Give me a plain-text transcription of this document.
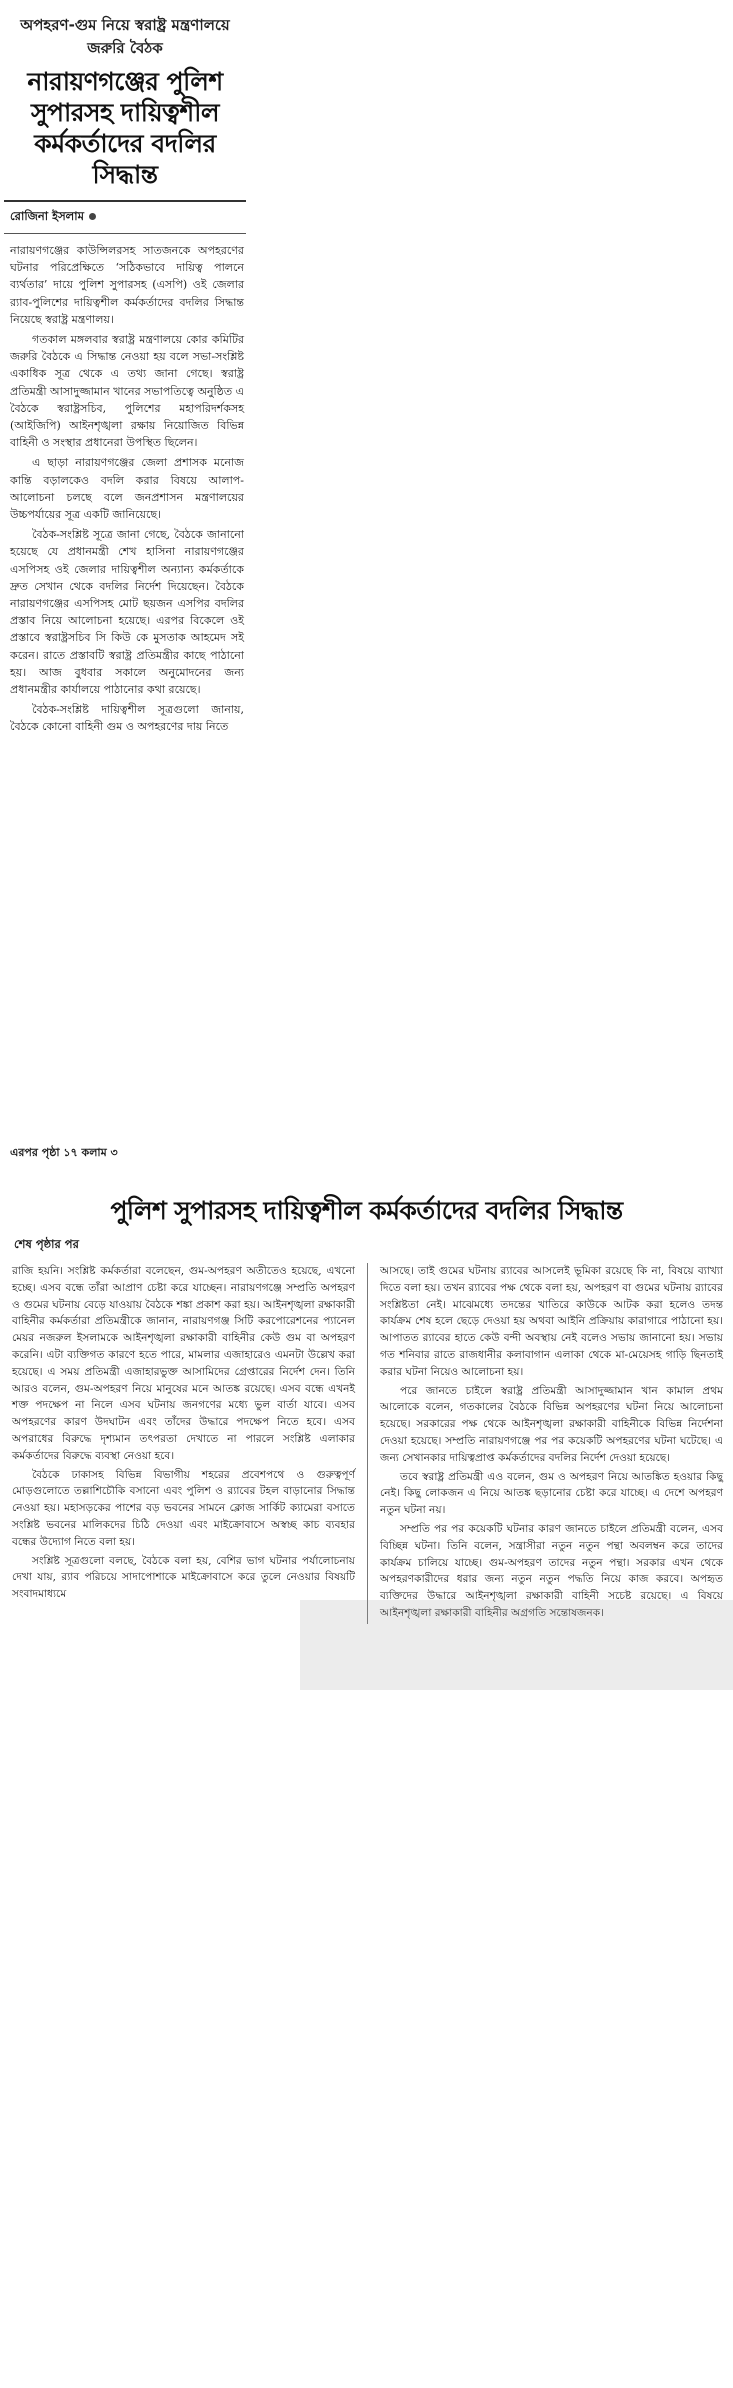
অপহরণ-গুম নিয়ে স্বরাষ্ট্র মন্ত্রণালয়ে জরুরি বৈঠক
নারায়ণগঞ্জের পুলিশ সুপারসহ দায়িত্বশীল কর্মকর্তাদের বদলির সিদ্ধান্ত
রোজিনা ইসলাম

নারায়ণগঞ্জের কাউন্সিলরসহ সাতজনকে অপহরণের ঘটনার পরিপ্রেক্ষিতে ‘সঠিকভাবে দায়িত্ব পালনে ব্যর্থতার’ দায়ে পুলিশ সুপারসহ (এসপি) ওই জেলার র‍্যাব-পুলিশের দায়িত্বশীল কর্মকর্তাদের বদলির সিদ্ধান্ত নিয়েছে স্বরাষ্ট্র মন্ত্রণালয়।

গতকাল মঙ্গলবার স্বরাষ্ট্র মন্ত্রণালয়ে কোর কমিটির জরুরি বৈঠকে এ সিদ্ধান্ত নেওয়া হয় বলে সভা-সংশ্লিষ্ট একাধিক সূত্র থেকে এ তথ্য জানা গেছে। স্বরাষ্ট্র প্রতিমন্ত্রী আসাদুজ্জামান খানের সভাপতিত্বে অনুষ্ঠিত এ বৈঠকে স্বরাষ্ট্রসচিব, পুলিশের মহাপরিদর্শকসহ (আইজিপি) আইনশৃঙ্খলা রক্ষায় নিয়োজিত বিভিন্ন বাহিনী ও সংস্থার প্রধানেরা উপস্থিত ছিলেন।

এ ছাড়া নারায়ণগঞ্জের জেলা প্রশাসক মনোজ কান্তি বড়ালকেও বদলি করার বিষয়ে আলাপ-আলোচনা চলছে বলে জনপ্রশাসন মন্ত্রণালয়ের উচ্চপর্যায়ের সূত্র একটি জানিয়েছে।

বৈঠক-সংশ্লিষ্ট সূত্রে জানা গেছে, বৈঠকে জানানো হয়েছে যে প্রধানমন্ত্রী শেখ হাসিনা নারায়ণগঞ্জের এসপিসহ ওই জেলার দায়িত্বশীল অন্যান্য কর্মকর্তাকে দ্রুত সেখান থেকে বদলির নির্দেশ দিয়েছেন। বৈঠকে নারায়ণগঞ্জের এসপিসহ মোট ছয়জন এসপির বদলির প্রস্তাব নিয়ে আলোচনা হয়েছে। এরপর বিকেলে ওই প্রস্তাবে স্বরাষ্ট্রসচিব সি কিউ কে মুসতাক আহমেদ সই করেন। রাতে প্রস্তাবটি স্বরাষ্ট্র প্রতিমন্ত্রীর কাছে পাঠানো হয়। আজ বুধবার সকালে অনুমোদনের জন্য প্রধানমন্ত্রীর কার্যালয়ে পাঠানোর কথা রয়েছে।

বৈঠক-সংশ্লিষ্ট দায়িত্বশীল সূত্রগুলো জানায়, বৈঠকে কোনো বাহিনী গুম ও অপহরণের দায় নিতে

এরপর পৃষ্ঠা ১৭ কলাম ৩
পুলিশ সুপারসহ দায়িত্বশীল কর্মকর্তাদের বদলির সিদ্ধান্ত
শেষ পৃষ্ঠার পর

রাজি হয়নি। সংশ্লিষ্ট কর্মকর্তারা বলেছেন, গুম-অপহরণ অতীতেও হয়েছে, এখনো হচ্ছে। এসব বন্ধে তাঁরা আপ্রাণ চেষ্টা করে যাচ্ছেন। নারায়ণগঞ্জে সম্প্রতি অপহরণ ও গুমের ঘটনায় বেড়ে যাওয়ায় বৈঠকে শঙ্কা প্রকাশ করা হয়। আইনশৃঙ্খলা রক্ষাকারী বাহিনীর কর্মকর্তারা প্রতিমন্ত্রীকে জানান, নারায়ণগঞ্জ সিটি করপোরেশনের প্যানেল মেয়র নজরুল ইসলামকে আইনশৃঙ্খলা রক্ষাকারী বাহিনীর কেউ গুম বা অপহরণ করেনি। এটা ব্যক্তিগত কারণে হতে পারে, মামলার এজাহারেও এমনটা উল্লেখ করা হয়েছে। এ সময় প্রতিমন্ত্রী এজাহারভুক্ত আসামিদের গ্রেপ্তারের নির্দেশ দেন। তিনি আরও বলেন, গুম-অপহরণ নিয়ে মানুষের মনে আতঙ্ক রয়েছে। এসব বন্ধে এখনই শক্ত পদক্ষেপ না নিলে এসব ঘটনায় জনগণের মধ্যে ভুল বার্তা যাবে। এসব অপহরণের কারণ উদঘাটন এবং তাঁদের উদ্ধারে পদক্ষেপ নিতে হবে। এসব অপরাধের বিরুদ্ধে দৃশ্যমান তৎপরতা দেখাতে না পারলে সংশ্লিষ্ট এলাকার কর্মকর্তাদের বিরুদ্ধে ব্যবস্থা নেওয়া হবে।

বৈঠকে ঢাকাসহ বিভিন্ন বিভাগীয় শহরের প্রবেশপথে ও গুরুত্বপূর্ণ মোড়গুলোতে তল্লাশিচৌকি বসানো এবং পুলিশ ও র‍্যাবের টহল বাড়ানোর সিদ্ধান্ত নেওয়া হয়। মহাসড়কের পাশের বড় ভবনের সামনে ক্লোজ সার্কিট ক্যামেরা বসাতে সংশ্লিষ্ট ভবনের মালিকদের চিঠি দেওয়া এবং মাইক্রোবাসে অস্বচ্ছ কাচ ব্যবহার বন্ধের উদ্যোগ নিতে বলা হয়।

সংশ্লিষ্ট সূত্রগুলো বলছে, বৈঠকে বলা হয়, বেশির ভাগ ঘটনার পর্যালোচনায় দেখা যায়, র‍্যাব পরিচয়ে সাদাপোশাকে মাইক্রোবাসে করে তুলে নেওয়ার বিষয়টি সংবাদমাধ্যমে

আসছে। তাই গুমের ঘটনায় র‍্যাবের আসলেই ভূমিকা রয়েছে কি না, বিষয়ে ব্যাখ্যা দিতে বলা হয়। তখন র‍্যাবের পক্ষ থেকে বলা হয়, অপহরণ বা গুমের ঘটনায় র‍্যাবের সংশ্লিষ্টতা নেই। মাঝেমধ্যে তদন্তের খাতিরে কাউকে আটক করা হলেও তদন্ত কার্যক্রম শেষ হলে ছেড়ে দেওয়া হয় অথবা আইনি প্রক্রিয়ায় কারাগারে পাঠানো হয়। আপাতত র‍্যাবের হাতে কেউ বন্দী অবস্থায় নেই বলেও সভায় জানানো হয়। সভায় গত শনিবার রাতে রাজধানীর কলাবাগান এলাকা থেকে মা-মেয়েসহ গাড়ি ছিনতাই করার ঘটনা নিয়েও আলোচনা হয়।

পরে জানতে চাইলে স্বরাষ্ট্র প্রতিমন্ত্রী আসাদুজ্জামান খান কামাল প্রথম আলোকে বলেন, গতকালের বৈঠকে বিভিন্ন অপহরণের ঘটনা নিয়ে আলোচনা হয়েছে। সরকারের পক্ষ থেকে আইনশৃঙ্খলা রক্ষাকারী বাহিনীকে বিভিন্ন নির্দেশনা দেওয়া হয়েছে। সম্প্রতি নারায়ণগঞ্জে পর পর কয়েকটি অপহরণের ঘটনা ঘটেছে। এ জন্য সেখানকার দায়িত্বপ্রাপ্ত কর্মকর্তাদের বদলির নির্দেশ দেওয়া হয়েছে।

তবে স্বরাষ্ট্র প্রতিমন্ত্রী এও বলেন, গুম ও অপহরণ নিয়ে আতঙ্কিত হওয়ার কিছু নেই। কিছু লোকজন এ নিয়ে আতঙ্ক ছড়ানোর চেষ্টা করে যাচ্ছে। এ দেশে অপহরণ নতুন ঘটনা নয়।

সম্প্রতি পর পর কয়েকটি ঘটনার কারণ জানতে চাইলে প্রতিমন্ত্রী বলেন, এসব বিচ্ছিন্ন ঘটনা। তিনি বলেন, সন্ত্রাসীরা নতুন নতুন পন্থা অবলম্বন করে তাদের কার্যক্রম চালিয়ে যাচ্ছে। গুম-অপহরণ তাদের নতুন পন্থা। সরকার এখন থেকে অপহরণকারীদের ধরার জন্য নতুন নতুন পদ্ধতি নিয়ে কাজ করবে। অপহৃত ব্যক্তিদের উদ্ধারে আইনশৃঙ্খলা রক্ষাকারী বাহিনী সচেষ্ট রয়েছে। এ বিষয়ে আইনশৃঙ্খলা রক্ষাকারী বাহিনীর অগ্রগতি সন্তোষজনক।
